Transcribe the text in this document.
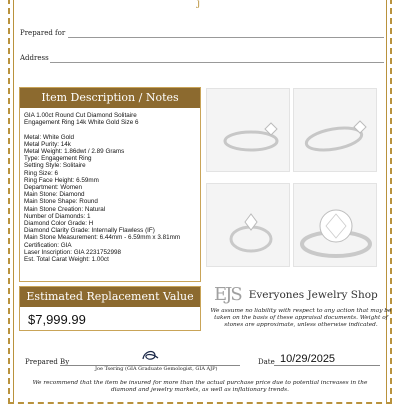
ȷ
Prepared for
Address
Item Description / Notes
GIA 1.00ct Round Cut Diamond Solitaire
Engagement Ring 14k White Gold Size 6

Metal: White Gold
Metal Purity: 14k
Metal Weight: 1.86dwt / 2.89 Grams
Type: Engagement Ring
Setting Style: Solitaire
Ring Size: 6
Ring Face Height: 6.59mm
Department: Women
Main Stone: Diamond
Main Stone Shape: Round
Main Stone Creation: Natural
Number of Diamonds: 1
Diamond Color Grade: H
Diamond Clarity Grade: Internally Flawless (IF)
Main Stone Measurement: 6.44mm - 6.59mm x 3.81mm
Certification: GIA
Laser Inscription: GIA 2231752998
Est. Total Carat Weight: 1.00ct
Estimated Replacement Value
$7,999.99
EJS Everyones Jewelry Shop
We assume no liability with respect to any action that may be taken on the basis of these appraisal documents. Weight of stones are approximate, unless otherwise indicated.
Prepared By
Joe Tsering (GIA Graduate Gemologist, GIA AJP)
Date 10/29/2025
We recommend that the item be insured for more than the actual purchase price due to potential increases in the diamond and jewelry markets, as well as inflationary trends.
